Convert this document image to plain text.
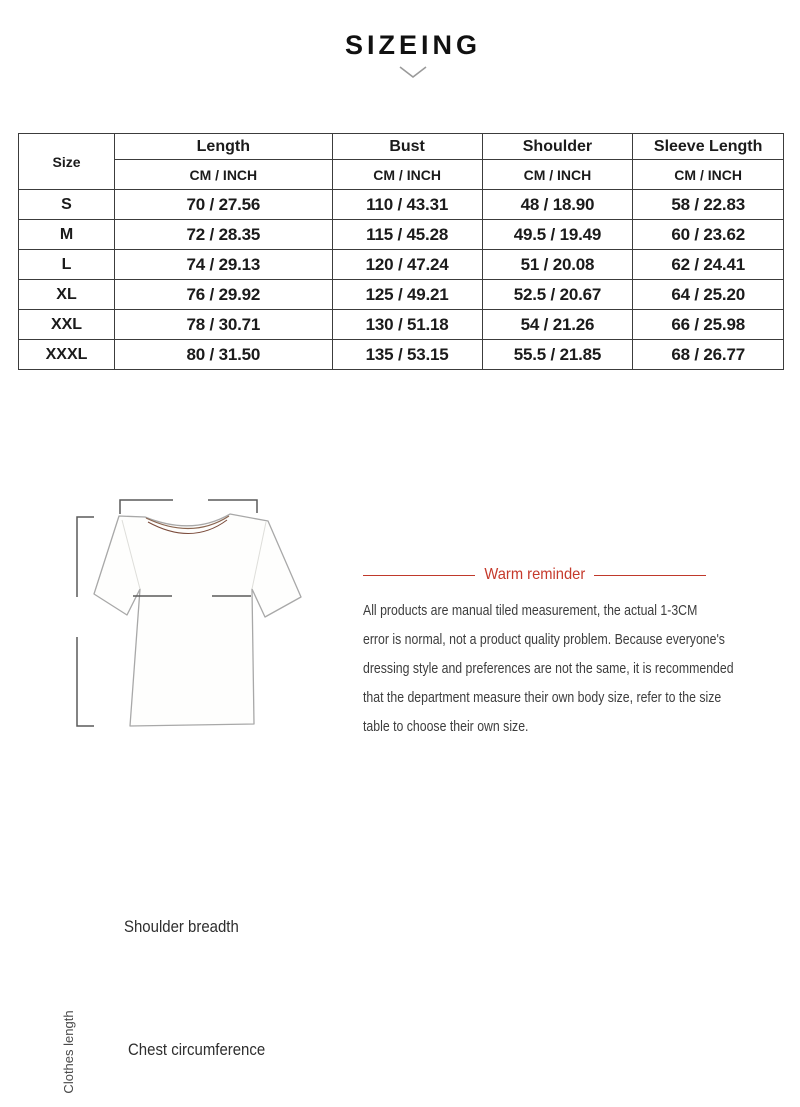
SIZEING
Size	Length	Bust	Shoulder	Sleeve Length
	CM / INCH	CM / INCH	CM / INCH	CM / INCH
S	70 / 27.56	110 / 43.31	48 / 18.90	58 / 22.83
M	72 / 28.35	115 / 45.28	49.5 / 19.49	60 / 23.62
L	74 / 29.13	120 / 47.24	51 / 20.08	62 / 24.41
XL	76 / 29.92	125 / 49.21	52.5 / 20.67	64 / 25.20
XXL	78 / 30.71	130 / 51.18	54 / 21.26	66 / 25.98
XXXL	80 / 31.50	135 / 53.15	55.5 / 21.85	68 / 26.77
Shoulder breadth
Chest circumference
Clothes length
Warm reminder
All products are manual tiled measurement, the actual 1-3CM
error is normal, not a product quality problem. Because everyone's
dressing style and preferences are not the same, it is recommended
that the department measure their own body size, refer to the size
table to choose their own size.
